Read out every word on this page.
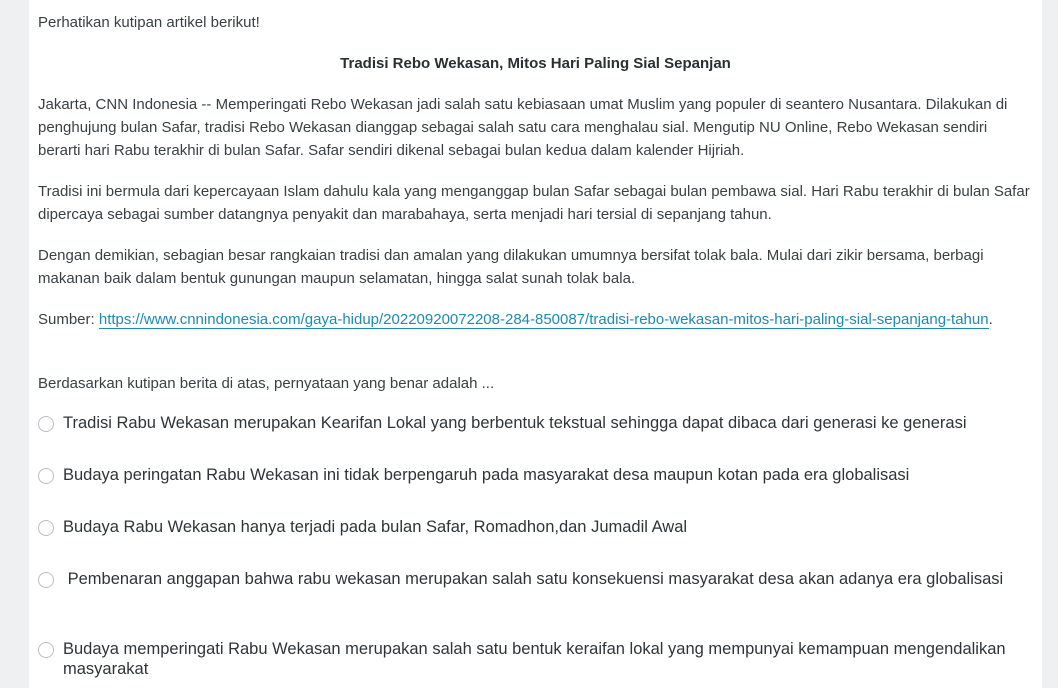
Perhatikan kutipan artikel berikut!

Tradisi Rebo Wekasan, Mitos Hari Paling Sial Sepanjan

Jakarta, CNN Indonesia -- Memperingati Rebo Wekasan jadi salah satu kebiasaan umat Muslim yang populer di seantero Nusantara. Dilakukan di penghujung bulan Safar, tradisi Rebo Wekasan dianggap sebagai salah satu cara menghalau sial. Mengutip NU Online, Rebo Wekasan sendiri berarti hari Rabu terakhir di bulan Safar. Safar sendiri dikenal sebagai bulan kedua dalam kalender Hijriah.

Tradisi ini bermula dari kepercayaan Islam dahulu kala yang menganggap bulan Safar sebagai bulan pembawa sial. Hari Rabu terakhir di bulan Safar dipercaya sebagai sumber datangnya penyakit dan marabahaya, serta menjadi hari tersial di sepanjang tahun.

Dengan demikian, sebagian besar rangkaian tradisi dan amalan yang dilakukan umumnya bersifat tolak bala. Mulai dari zikir bersama, berbagi makanan baik dalam bentuk gunungan maupun selamatan, hingga salat sunah tolak bala.

Sumber: https://www.cnnindonesia.com/gaya-hidup/20220920072208-284-850087/tradisi-rebo-wekasan-mitos-hari-paling-sial-sepanjang-tahun.

Berdasarkan kutipan berita di atas, pernyataan yang benar adalah ...

Tradisi Rabu Wekasan merupakan Kearifan Lokal yang berbentuk tekstual sehingga dapat dibaca dari generasi ke generasi
Budaya peringatan Rabu Wekasan ini tidak berpengaruh pada masyarakat desa maupun kotan pada era globalisasi
Budaya Rabu Wekasan hanya terjadi pada bulan Safar, Romadhon,dan Jumadil Awal
Pembenaran anggapan bahwa rabu wekasan merupakan salah satu konsekuensi masyarakat desa akan adanya era globalisasi
Budaya memperingati Rabu Wekasan merupakan salah satu bentuk keraifan lokal yang mempunyai kemampuan mengendalikan masyarakat
